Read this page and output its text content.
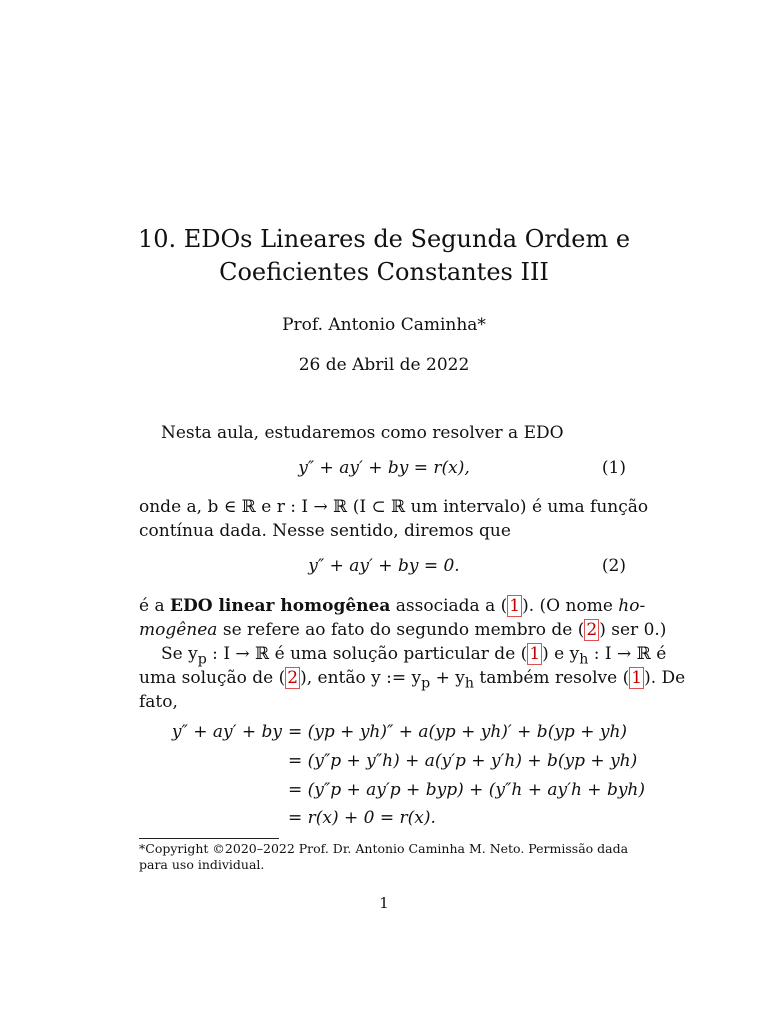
10. EDOs Lineares de Segunda Ordem e
Coeficientes Constantes III
Prof. Antonio Caminha*
26 de Abril de 2022
Nesta aula, estudaremos como resolver a EDO
y″ + ay′ + by = r(x),	(1)
onde a, b ∈ ℝ e r : I → ℝ (I ⊂ ℝ um intervalo) é uma função
contínua dada. Nesse sentido, diremos que
y″ + ay′ + by = 0.	(2)
é a EDO linear homogênea associada a ( 1 ). (O nome ho-
mogênea se refere ao fato do segundo membro de ( 2 ) ser 0.)
Se $y_p$ : I → ℝ é uma solução particular de ( 1 ) e $y_h$ : I → ℝ é
uma solução de ( 2 ), então y := $y_p + y_h$ também resolve ( 1 ). De
fato,
y″ + ay′ + by = (yp + yh)″ + a(yp + yh)′ + b(yp + yh)
= (y″p + y″h) + a(y′p + y′h) + b(yp + yh)
= (y″p + ay′p + byp) + (y″h + ay′h + byh)
= r(x) + 0 = r(x).
*Copyright ©2020–2022 Prof. Dr. Antonio Caminha M. Neto. Permissão dada para uso individual.
1
